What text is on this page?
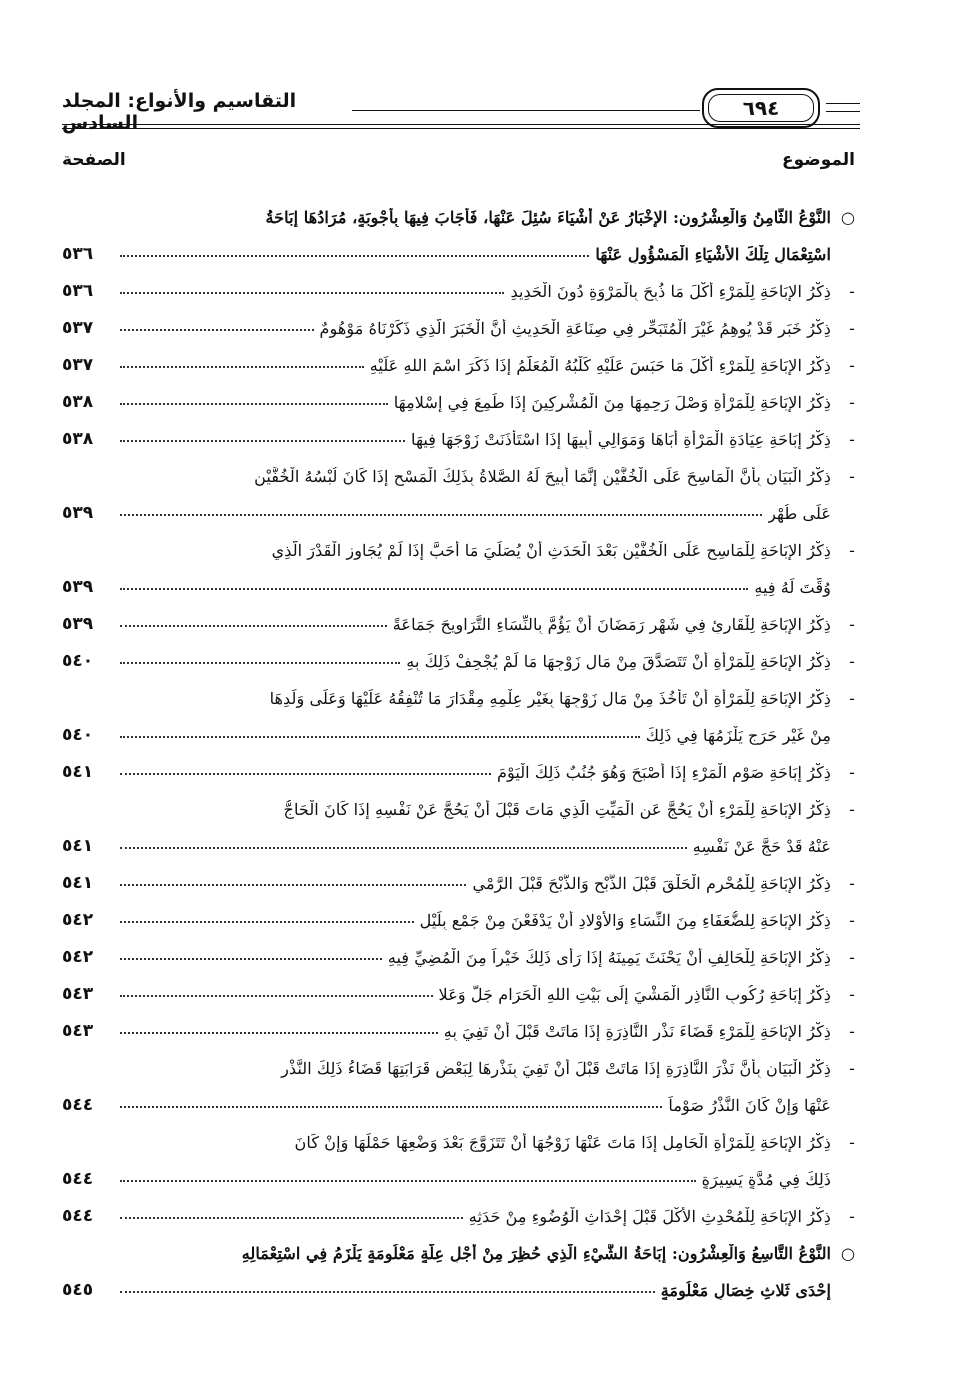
التقاسيم والأنواع: المجلد السادس
٦٩٤
الموضوع
الصفحة
○
النَّوْعُ الثَّامِنُ وَالْعِشْرُون: الإِخْبَارُ عَنْ أَشْيَاءَ سُئِلَ عَنْهَا، فَأَجَابَ فِيهَا بِأَجْوِبَةٍ، مُرَادُهَا إِبَاحَةُ
اسْتِعْمَالِ تِلْكَ الأَشْيَاءِ الْمَسْؤُولِ عَنْهَا
٥٣٦
-
ذِكْرُ الإِبَاحَةِ لِلْمَرْءِ أَكْلَ مَا ذُبِحَ بِالْمَرْوَةِ دُونَ الْحَدِيدِ
٥٣٦
-
ذِكْرُ خَبَرٍ قَدْ يُوهِمُ غَيْرَ الْمُتَبَحِّرِ فِي صِنَاعَةِ الْحَدِيثِ أَنَّ الْخَبَرَ الَّذِي ذَكَرْنَاهُ مَوْهُومٌ
٥٣٧
-
ذِكْرُ الإِبَاحَةِ لِلْمَرْءِ أَكْلَ مَا حَبَسَ عَلَيْهِ كَلْبُهُ الْمُعَلَّمُ إِذَا ذَكَرَ اسْمَ اللهِ عَلَيْهِ
٥٣٧
-
ذِكْرُ الإِبَاحَةِ لِلْمَرْأَةِ وَصْلَ رَحِمِهَا مِنَ الْمُشْرِكِينَ إِذَا طَمِعَ فِي إِسْلامِهَا
٥٣٨
-
ذِكْرُ إِبَاحَةِ عِيَادَةِ الْمَرْأَةِ أَبَاهَا وَمَوَالِي أَبِيهَا إِذَا اسْتَأْذَنَتْ زَوْجَهَا فِيهَا
٥٣٨
-
ذِكْرُ الْبَيَانِ بِأَنَّ الْمَاسِحَ عَلَى الْخُفَّيْنِ إِنَّمَا أُبِيحَ لَهُ الصَّلاةُ بِذَلِكَ الْمَسْحِ إِذَا كَانَ لُبْسُهُ الْخُفَّيْنِ
عَلَى طُهْرٍ
٥٣٩
-
ذِكْرُ الإِبَاحَةِ لِلْمَاسِحِ عَلَى الْخُفَّيْنِ بَعْدَ الْحَدَثِ أَنْ يُصَلِّيَ مَا أَحَبَّ إِذَا لَمْ يُجَاوِزِ الْقَدْرَ الَّذِي
وُقِّتَ لَهُ فِيهِ
٥٣٩
-
ذِكْرُ الإِبَاحَةِ لِلْقَارِئِ فِي شَهْرِ رَمَضَانَ أَنْ يَؤُمَّ بِالنِّسَاءِ التَّرَاوِيحَ جَمَاعَةً
٥٣٩
-
ذِكْرُ الإِبَاحَةِ لِلْمَرْأَةِ أَنْ تَتَصَدَّقَ مِنْ مَالِ زَوْجِهَا مَا لَمْ يُجْحِفْ ذَلِكَ بِهِ
٥٤٠
-
ذِكْرُ الإِبَاحَةِ لِلْمَرْأَةِ أَنْ تَأْخُذَ مِنْ مَالِ زَوْجِهَا بِغَيْرِ عِلْمِهِ مِقْدَارَ مَا تُنْفِقُهُ عَلَيْهَا وَعَلَى وَلَدِهَا
مِنْ غَيْرِ حَرَجٍ يَلْزَمُهَا فِي ذَلِكَ
٥٤٠
-
ذِكْرُ إِبَاحَةِ صَوْمِ الْمَرْءِ إِذَا أَصْبَحَ وَهُوَ جُنُبٌ ذَلِكَ الْيَوْمَ
٥٤١
-
ذِكْرُ الإِبَاحَةِ لِلْمَرْءِ أَنْ يَحُجَّ عَنِ الْمَيِّتِ الَّذِي مَاتَ قَبْلَ أَنْ يَحُجَّ عَنْ نَفْسِهِ إِذَا كَانَ الْحَاجُّ
عَنْهُ قَدْ حَجَّ عَنْ نَفْسِهِ
٥٤١
-
ذِكْرُ الإِبَاحَةِ لِلْمُحْرِمِ الْحَلْقَ قَبْلَ الذَّبْحِ وَالذَّبْحَ قَبْلَ الرَّمْيِ
٥٤١
-
ذِكْرُ الإِبَاحَةِ لِلضُّعَفَاءِ مِنَ النِّسَاءِ وَالأَوْلادِ أَنْ يَدْفَعْنَ مِنْ جَمْعٍ بِلَيْلٍ
٥٤٢
-
ذِكْرُ الإِبَاحَةِ لِلْحَالِفِ أَنْ يَحْنَثَ يَمِينَهُ إِذَا رَأَى ذَلِكَ خَيْراً مِنَ الْمُضِيِّ فِيهِ
٥٤٢
-
ذِكْرُ إِبَاحَةِ رُكُوبِ النَّاذِرِ الْمَشْيَ إِلَى بَيْتِ اللهِ الْحَرَامِ جَلَّ وَعَلا
٥٤٣
-
ذِكْرُ الإِبَاحَةِ لِلْمَرْءِ قَضَاءَ نَذْرِ النَّاذِرَةِ إِذَا مَاتَتْ قَبْلَ أَنْ تَفِيَ بِهِ
٥٤٣
-
ذِكْرُ الْبَيَانِ بِأَنَّ نَذْرَ النَّاذِرَةِ إِذَا مَاتَتْ قَبْلَ أَنْ تَفِيَ بِنَذْرِهَا لِبَعْضِ قَرَابَتِهَا قَضَاءُ ذَلِكَ النَّذْرِ
عَنْهَا وَإِنْ كَانَ النَّذْرُ صَوْماً
٥٤٤
-
ذِكْرُ الإِبَاحَةِ لِلْمَرْأَةِ الْحَامِلِ إِذَا مَاتَ عَنْهَا زَوْجُهَا أَنْ تَتَزَوَّجَ بَعْدَ وَضْعِهَا حَمْلَهَا وَإِنْ كَانَ
ذَلِكَ فِي مُدَّةٍ يَسِيرَةٍ
٥٤٤
-
ذِكْرُ الإِبَاحَةِ لِلْمُحْدِثِ الأَكْلَ قَبْلَ إِحْدَاثِ الْوُضُوءِ مِنْ حَدَثِهِ
٥٤٤
○
النَّوْعُ التَّاسِعُ وَالْعِشْرُون: إِبَاحَةُ الشَّيْءِ الَّذِي حُظِرَ مِنْ أَجْلِ عِلَّةٍ مَعْلُومَةٍ يَلْزَمُ فِي اسْتِعْمَالِهِ
إِحْدَى ثَلاثِ خِصَالٍ مَعْلُومَةٍ
٥٤٥
